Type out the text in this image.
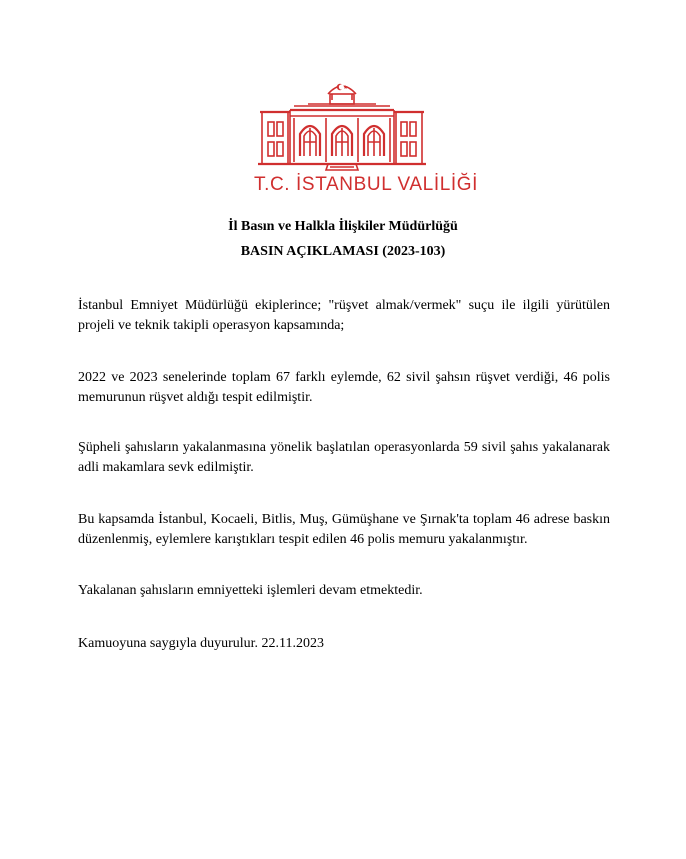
T.C. İSTANBUL VALİLİĞİ
İl Basın ve Halkla İlişkiler Müdürlüğü
BASIN AÇIKLAMASI (2023-103)
İstanbul Emniyet Müdürlüğü ekiplerince; "rüşvet almak/vermek" suçu ile ilgili yürütülen projeli ve teknik takipli operasyon kapsamında;
2022 ve 2023 senelerinde toplam 67 farklı eylemde, 62 sivil şahsın rüşvet verdiği, 46 polis memurunun rüşvet aldığı tespit edilmiştir.
Şüpheli şahısların yakalanmasına yönelik başlatılan operasyonlarda 59 sivil şahıs yakalanarak adli makamlara sevk edilmiştir.
Bu kapsamda İstanbul, Kocaeli, Bitlis, Muş, Gümüşhane ve Şırnak'ta toplam 46 adrese baskın düzenlenmiş, eylemlere karıştıkları tespit edilen 46 polis memuru yakalanmıştır.
Yakalanan şahısların emniyetteki işlemleri devam etmektedir.
Kamuoyuna saygıyla duyurulur. 22.11.2023
